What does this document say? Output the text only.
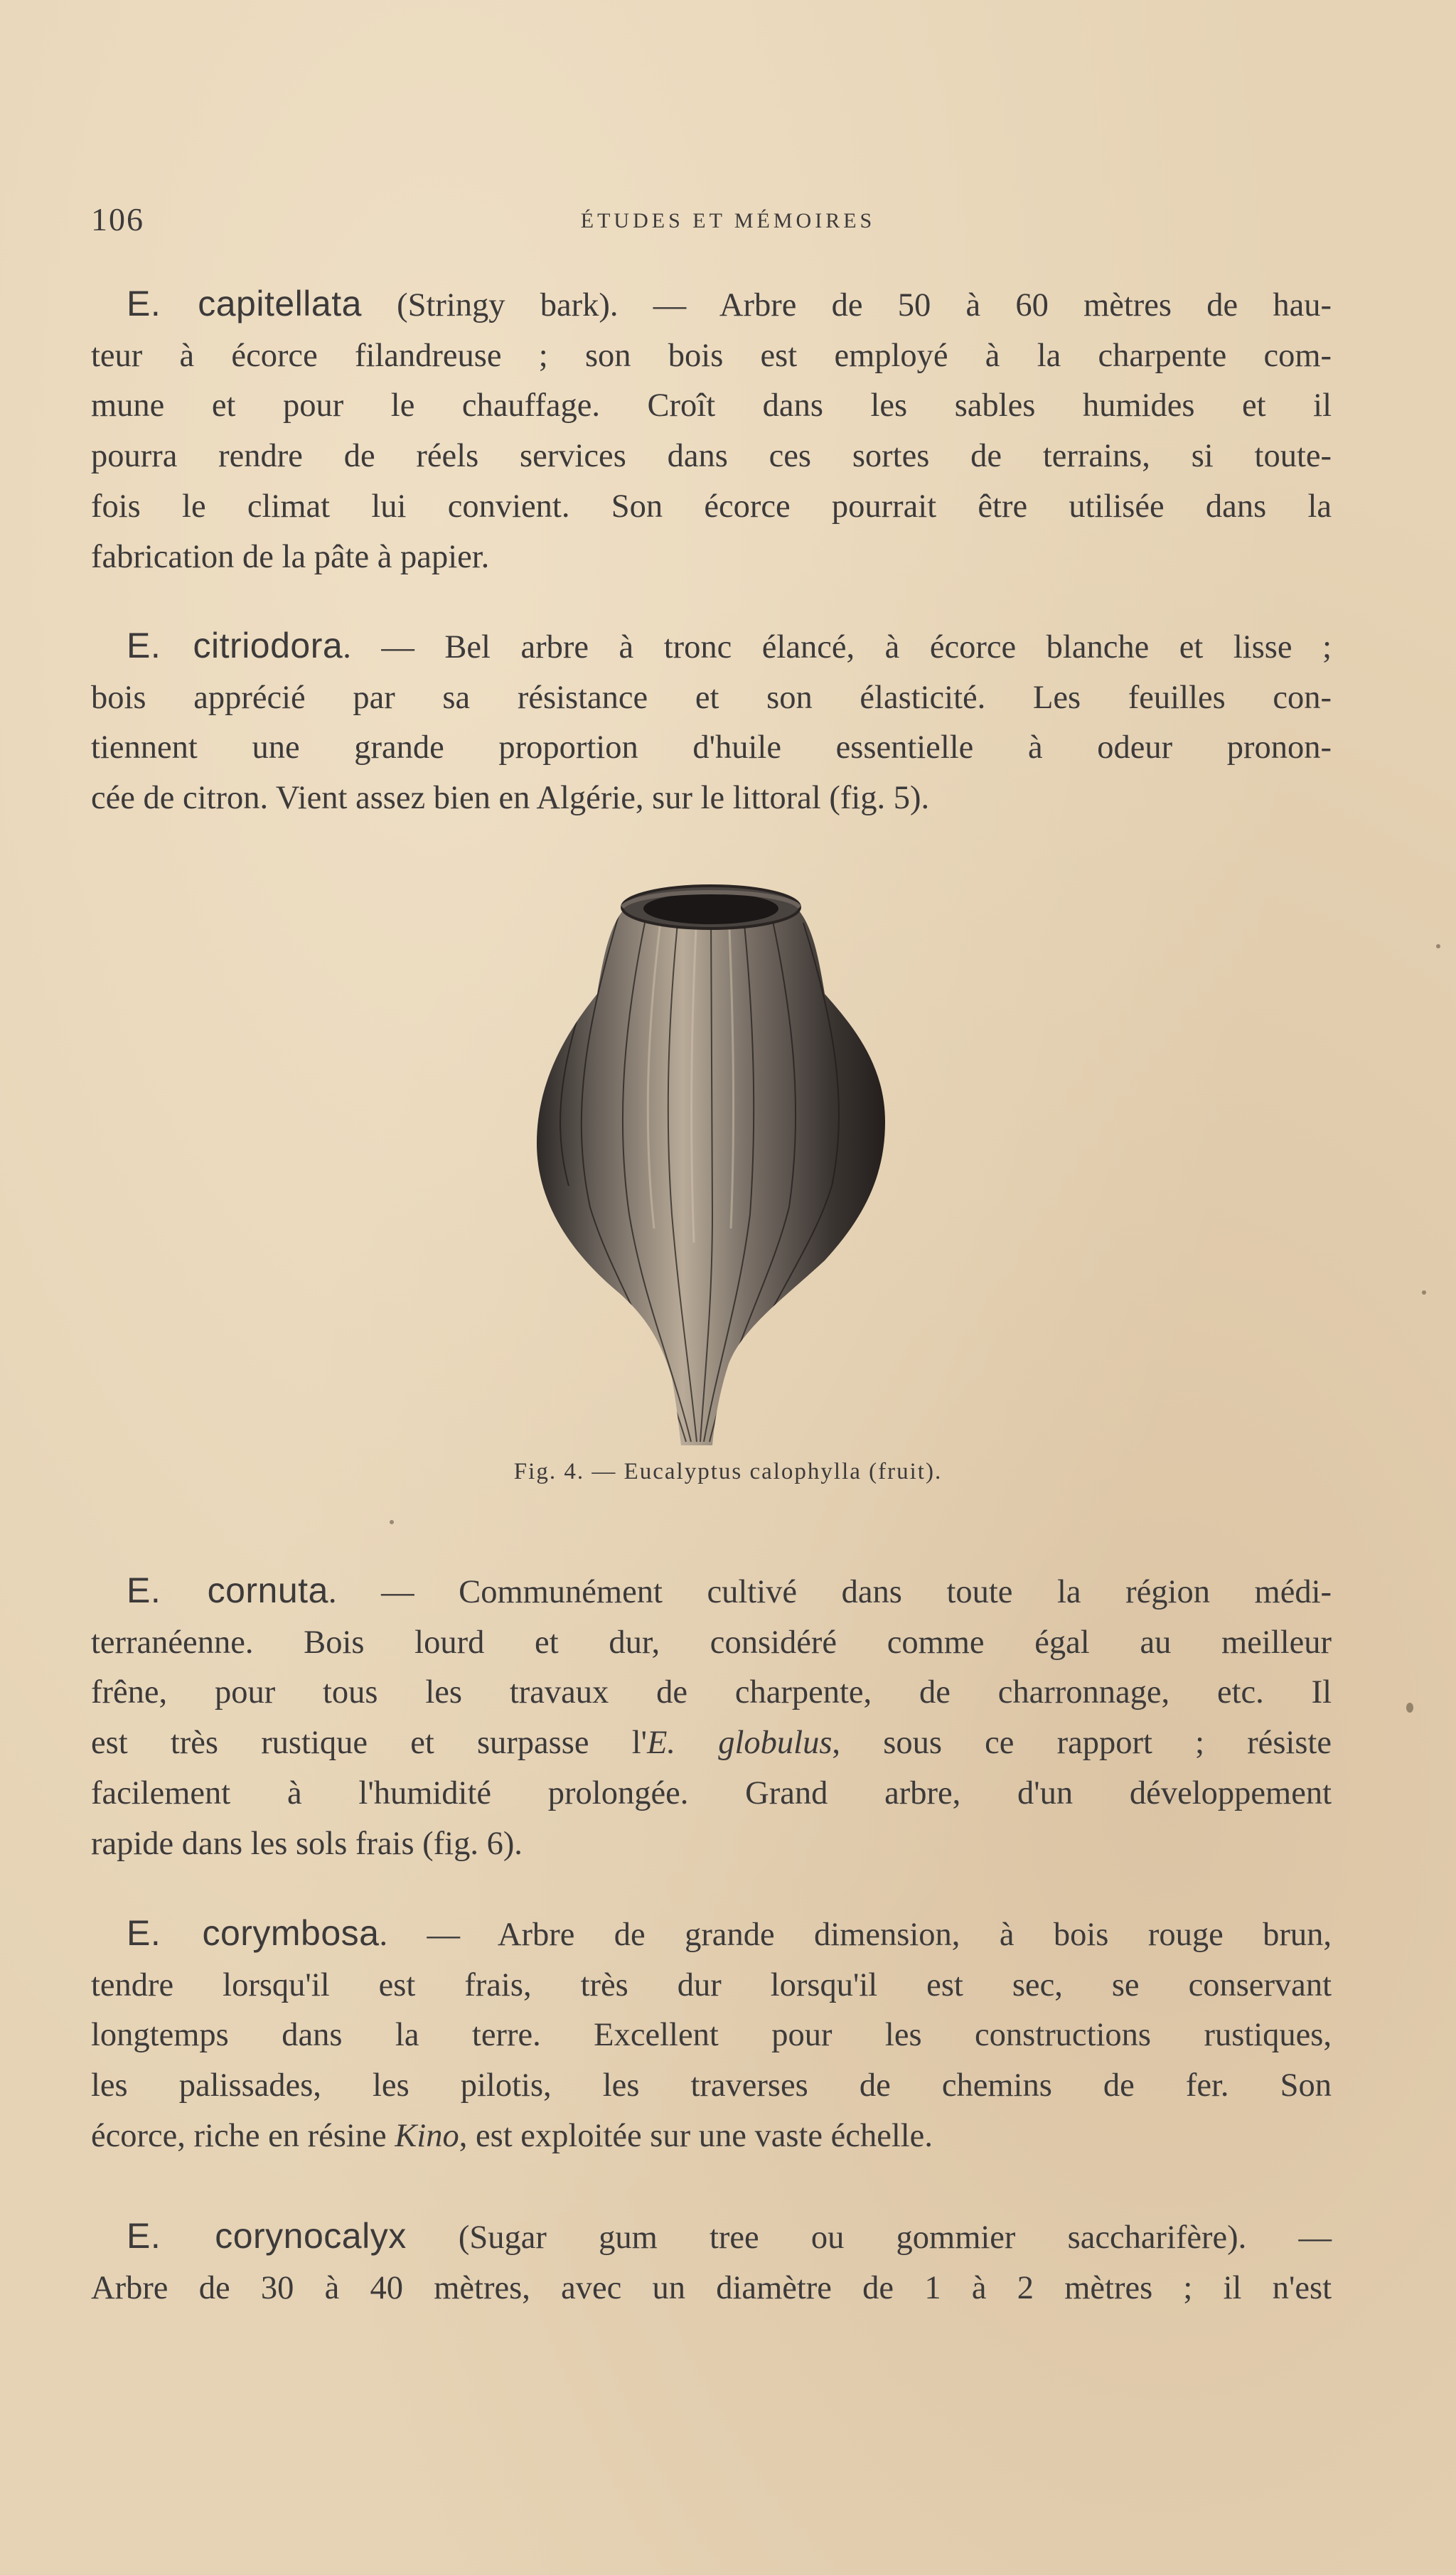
106	ÉTUDES ET MÉMOIRES
E. capitellata (Stringy bark). — Arbre de 50 à 60 mètres de hau-
teur à écorce filandreuse ; son bois est employé à la charpente com-
mune et pour le chauffage. Croît dans les sables humides et il
pourra rendre de réels services dans ces sortes de terrains, si toute-
fois le climat lui convient. Son écorce pourrait être utilisée dans la
fabrication de la pâte à papier.
E. citriodora. — Bel arbre à tronc élancé, à écorce blanche et lisse ;
bois apprécié par sa résistance et son élasticité. Les feuilles con-
tiennent une grande proportion d'huile essentielle à odeur pronon-
cée de citron. Vient assez bien en Algérie, sur le littoral (fig. 5).
Fig. 4. — Eucalyptus calophylla (fruit).
E. cornuta. — Communément cultivé dans toute la région médi-
terranéenne. Bois lourd et dur, considéré comme égal au meilleur
frêne, pour tous les travaux de charpente, de charronnage, etc. Il
est très rustique et surpasse l'E. globulus, sous ce rapport ; résiste
facilement à l'humidité prolongée. Grand arbre, d'un développement
rapide dans les sols frais (fig. 6).
E. corymbosa. — Arbre de grande dimension, à bois rouge brun,
tendre lorsqu'il est frais, très dur lorsqu'il est sec, se conservant
longtemps dans la terre. Excellent pour les constructions rustiques,
les palissades, les pilotis, les traverses de chemins de fer. Son
écorce, riche en résine Kino, est exploitée sur une vaste échelle.
E. corynocalyx (Sugar gum tree ou gommier saccharifère). —
Arbre de 30 à 40 mètres, avec un diamètre de 1 à 2 mètres ; il n'est
